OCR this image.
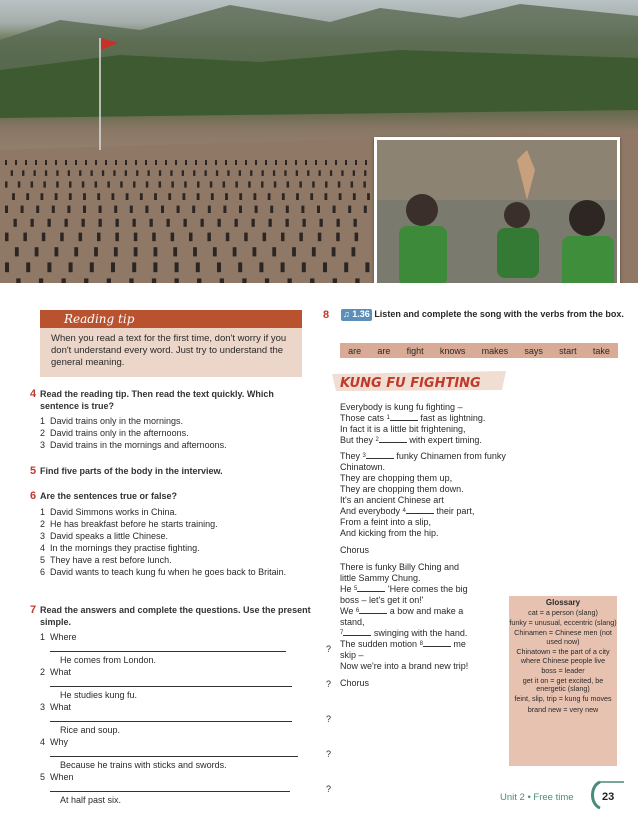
Reading tip

When you read a text for the first time, don't worry if you don't understand every word. Just try to understand the general meaning.

4 Read the reading tip. Then read the text quickly. Which sentence is true?
1 David trains only in the mornings.
2 David trains only in the afternoons.
3 David trains in the mornings and afternoons.
5 Find five parts of the body in the interview.
6 Are the sentences true or false?
1 David Simmons works in China.
2 He has breakfast before he starts training.
3 David speaks a little Chinese.
4 In the mornings they practise fighting.
5 They have a rest before lunch.
6 David wants to teach kung fu when he goes back to Britain.
7 Read the answers and complete the questions. Use the present simple.
1 Where
?
He comes from London.
2 What
?
He studies kung fu.
3 What
?
Rice and soup.
4 Why
?
Because he trains with sticks and swords.
5 When
?
At half past six.
8 ♫ 1.36 Listen and complete the song with the verbs from the box.
are are fight knows makes says start take
KUNG FU FIGHTING
Everybody is kung fu fighting –
Those cats $^1$	fast as lightning.
In fact it is a little bit frightening,
But they $^2$	with expert timing.
They $^3$	funky Chinamen from funky
Chinatown.
They are chopping them up,
They are chopping them down.
It's an ancient Chinese art
And everybody $^4$	their part,
From a feint into a slip,
And kicking from the hip.
Chorus
There is funky Billy Ching and
little Sammy Chung.
He $^5$	'Here comes the big
boss – let's get it on!'
We $^6$	a bow and make a
stand,
$^7$	swinging with the hand.
The sudden motion $^8$	me
skip –
Now we're into a brand new trip!
Chorus
Glossary
cat = a person (slang)
funky = unusual, eccentric (slang)
Chinamen = Chinese men (not used now)
Chinatown = the part of a city where Chinese people live
boss = leader
get it on = get excited, be energetic (slang)
feint, slip, trip = kung fu moves
brand new = very new
Unit 2 • Free time	23
